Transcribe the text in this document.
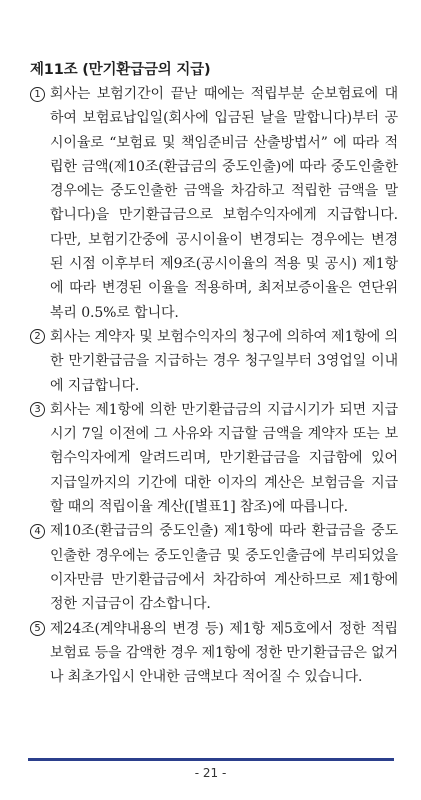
제11조 (만기환급금의 지급)
1 회사는 보험기간이 끝난 때에는 적립부분 순보험료에 대하여 보험료납입일(회사에 입금된 날을 말합니다)부터 공시이율로 “보험료 및 책임준비금 산출방법서” 에 따라 적립한 금액(제10조(환급금의 중도인출)에 따라 중도인출한 경우에는 중도인출한 금액을 차감하고 적립한 금액을 말합니다)을 만기환급금으로 보험수익자에게 지급합니다. 다만, 보험기간중에 공시이율이 변경되는 경우에는 변경된 시점 이후부터 제9조(공시이율의 적용 및 공시) 제1항에 따라 변경된 이율을 적용하며, 최저보증이율은 연단위 복리 0.5%로 합니다.
2 회사는 계약자 및 보험수익자의 청구에 의하여 제1항에 의한 만기환급금을 지급하는 경우 청구일부터 3영업일 이내에 지급합니다.
3 회사는 제1항에 의한 만기환급금의 지급시기가 되면 지급시기 7일 이전에 그 사유와 지급할 금액을 계약자 또는 보험수익자에게 알려드리며, 만기환급금을 지급함에 있어 지급일까지의 기간에 대한 이자의 계산은 보험금을 지급할 때의 적립이율 계산([별표1] 참조)에 따릅니다.
4 제10조(환급금의 중도인출) 제1항에 따라 환급금을 중도인출한 경우에는 중도인출금 및 중도인출금에 부리되었을 이자만큼 만기환급금에서 차감하여 계산하므로 제1항에 정한 지급금이 감소합니다.
5 제24조(계약내용의 변경 등) 제1항 제5호에서 정한 적립보험료 등을 감액한 경우 제1항에 정한 만기환급금은 없거나 최초가입시 안내한 금액보다 적어질 수 있습니다.
- 21 -
